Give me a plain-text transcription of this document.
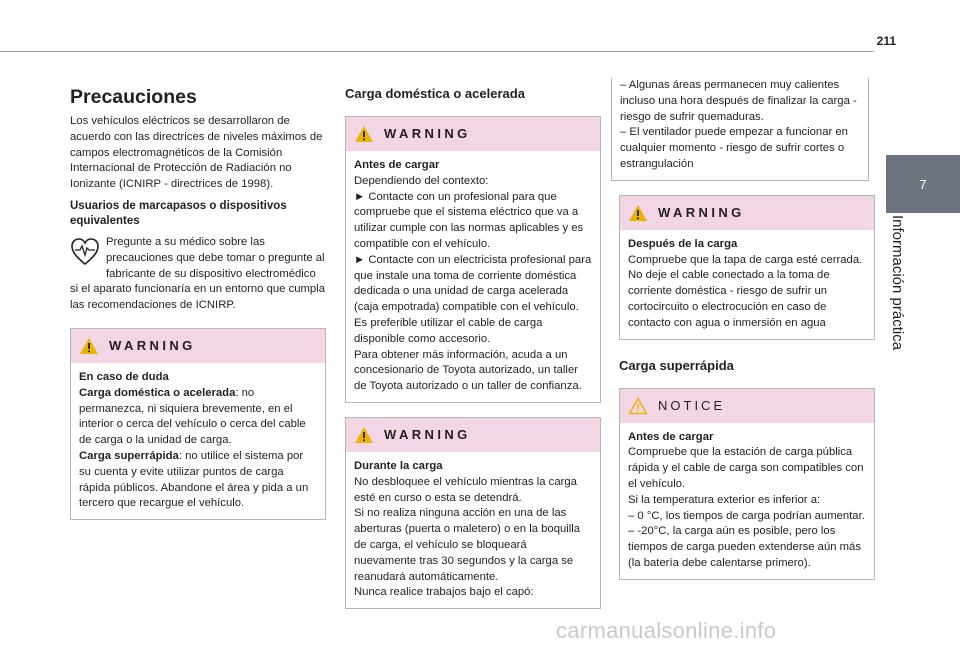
211
7
Información práctica
Precauciones

Los vehículos eléctricos se desarrollaron de acuerdo con las directrices de niveles máximos de campos electromagnéticos de la Comisión Internacional de Protección de Radiación no Ionizante (ICNIRP - directrices de 1998).

Usuarios de marcapasos o dispositivos equivalentes
Pregunte a su médico sobre las precauciones que debe tomar o pregunte al fabricante de su dispositivo electromédico si el aparato funcionaría en un entorno que cumpla las recomendaciones de ICNIRP.
WARNING
En caso de duda

Carga doméstica o acelerada: no permanezca, ni siquiera brevemente, en el interior o cerca del vehículo o cerca del cable de carga o la unidad de carga.

Carga superrápida: no utilice el sistema por su cuenta y evite utilizar puntos de carga rápida públicos. Abandone el área y pida a un tercero que recargue el vehículo.

Carga doméstica o acelerada
WARNING
Antes de cargar

Dependiendo del contexto:
► Contacte con un profesional para que compruebe que el sistema eléctrico que va a utilizar cumple con las normas aplicables y es compatible con el vehículo.
► Contacte con un electricista profesional para que instale una toma de corriente doméstica dedicada o una unidad de carga acelerada (caja empotrada) compatible con el vehículo.
Es preferible utilizar el cable de carga disponible como accesorio.
Para obtener más información, acuda a un concesionario de Toyota autorizado, un taller de Toyota autorizado o un taller de confianza.

WARNING
Durante la carga

No desbloquee el vehículo mientras la carga esté en curso o esta se detendrá.
Si no realiza ninguna acción en una de las aberturas (puerta o maletero) o en la boquilla de carga, el vehículo se bloqueará nuevamente tras 30 segundos y la carga se reanudará automáticamente.
Nunca realice trabajos bajo el capó:

– Algunas áreas permanecen muy calientes incluso una hora después de finalizar la carga - riesgo de sufrir quemaduras.
– El ventilador puede empezar a funcionar en cualquier momento - riesgo de sufrir cortes o estrangulación

WARNING
Después de la carga

Compruebe que la tapa de carga esté cerrada.
No deje el cable conectado a la toma de corriente doméstica - riesgo de sufrir un cortocircuito o electrocución en caso de contacto con agua o inmersión en agua

Carga superrápida
NOTICE
Antes de cargar

Compruebe que la estación de carga pública rápida y el cable de carga son compatibles con el vehículo.
Si la temperatura exterior es inferior a:
– 0 °C, los tiempos de carga podrían aumentar.
– -20°C, la carga aún es posible, pero los tiempos de carga pueden extenderse aún más (la batería debe calentarse primero).

carmanualsonline.info
